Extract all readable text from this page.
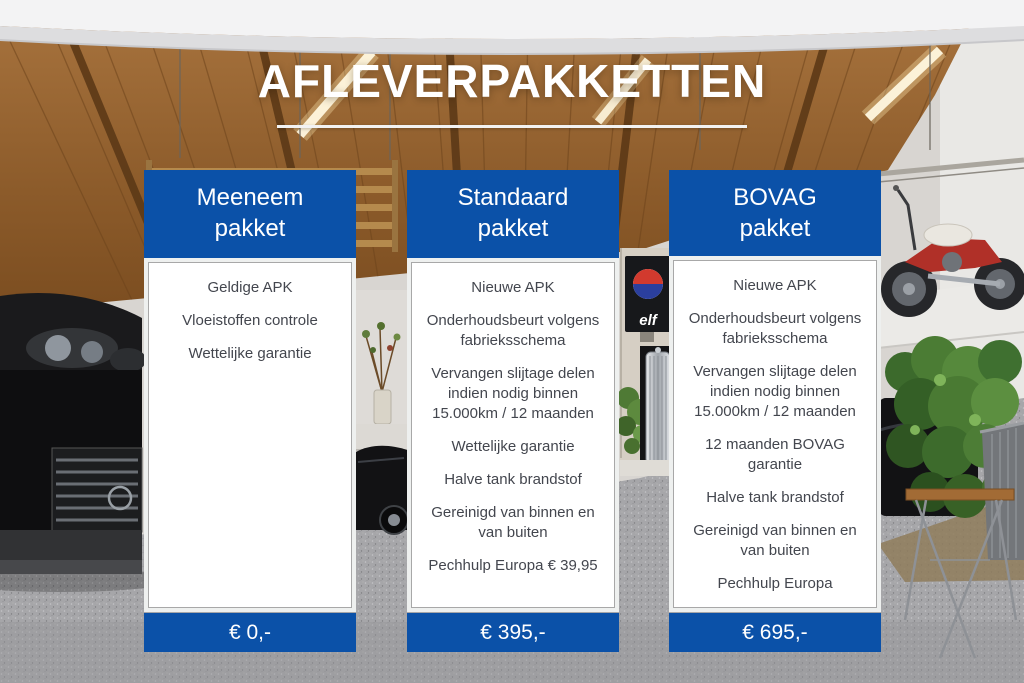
elf
AFLEVERPAKKETTEN
Meeneem
pakket

Geldige APK

Vloeistoffen controle

Wettelijke garantie

€ 0,-
Standaard
pakket

Nieuwe APK

Onderhoudsbeurt volgens fabrieksschema

Vervangen slijtage delen indien nodig binnen 15.000km / 12 maanden

Wettelijke garantie

Halve tank brandstof

Gereinigd van binnen en van buiten

Pechhulp Europa € 39,95

€ 395,-
BOVAG
pakket

Nieuwe APK

Onderhoudsbeurt volgens fabrieksschema

Vervangen slijtage delen indien nodig binnen 15.000km / 12 maanden

12 maanden BOVAG garantie

Halve tank brandstof

Gereinigd van binnen en van buiten

Pechhulp Europa

€ 695,-
